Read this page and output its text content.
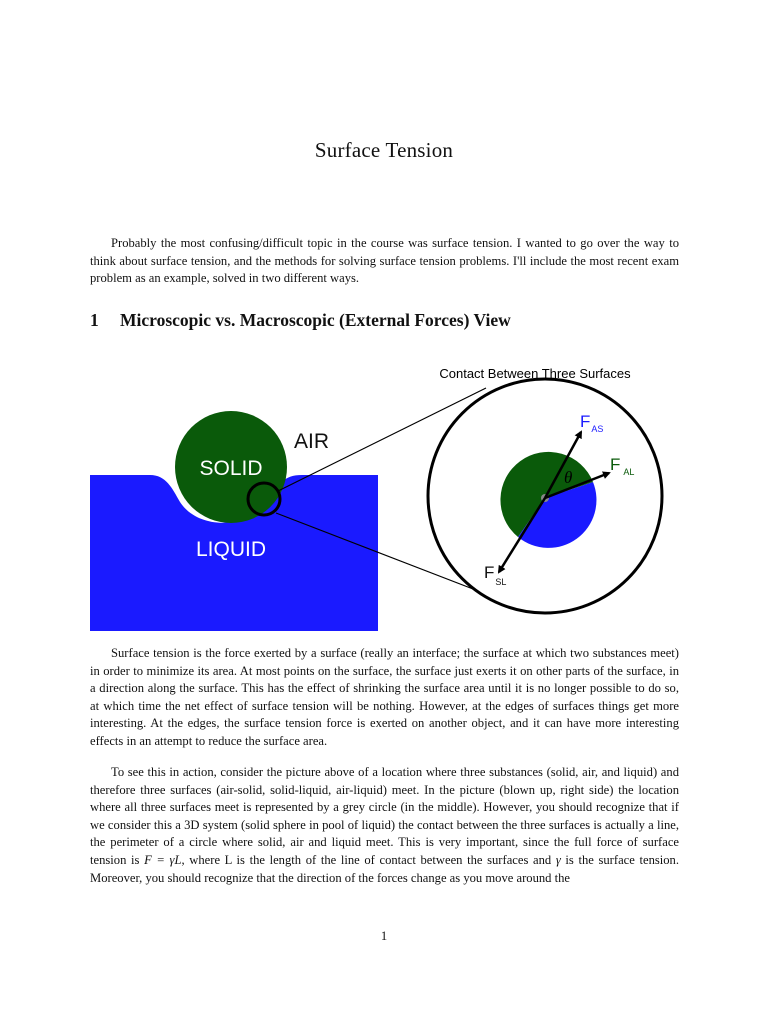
Surface Tension

Probably the most confusing/difficult topic in the course was surface tension. I wanted to go over the way to think about surface tension, and the methods for solving surface tension problems. I'll include the most recent exam problem as an example, solved in two different ways.

1 Microscopic vs. Macroscopic (External Forces) View
Contact Between Three Surfaces
SOLID
AIR
LIQUID
$F_{AS}$
F $_{AL}$
$F_{SL}$
θ

Surface tension is the force exerted by a surface (really an interface; the surface at which two substances meet) in order to minimize its area. At most points on the surface, the surface just exerts it on other parts of the surface, in a direction along the surface. This has the effect of shrinking the surface area until it is no longer possible to do so, at which time the net effect of surface tension will be nothing. However, at the edges of surfaces things get more interesting. At the edges, the surface tension force is exerted on another object, and it can have more interesting effects in an attempt to reduce the surface area.

To see this in action, consider the picture above of a location where three substances (solid, air, and liquid) and therefore three surfaces (air-solid, solid-liquid, air-liquid) meet. In the picture (blown up, right side) the location where all three surfaces meet is represented by a grey circle (in the middle). However, you should recognize that if we consider this a 3D system (solid sphere in pool of liquid) the contact between the three surfaces is actually a line, the perimeter of a circle where solid, air and liquid meet. This is very important, since the full force of surface tension is F = γL, where L is the length of the line of contact between the surfaces and γ is the surface tension. Moreover, you should recognize that the direction of the forces change as you move around the

1
